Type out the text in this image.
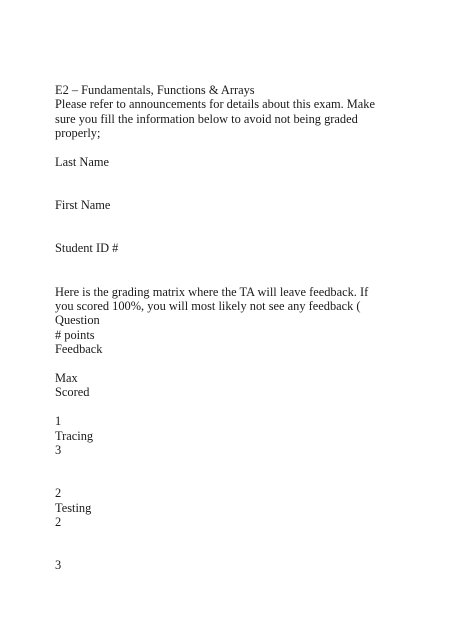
E2 – Fundamentals, Functions & Arrays
Please refer to announcements for details about this exam. Make
sure you fill the information below to avoid not being graded
properly;
Last Name
First Name
Student ID #
Here is the grading matrix where the TA will leave feedback. If
you scored 100%, you will most likely not see any feedback (
Question
# points
Feedback
Max
Scored
1
Tracing
3
2
Testing
2
3
